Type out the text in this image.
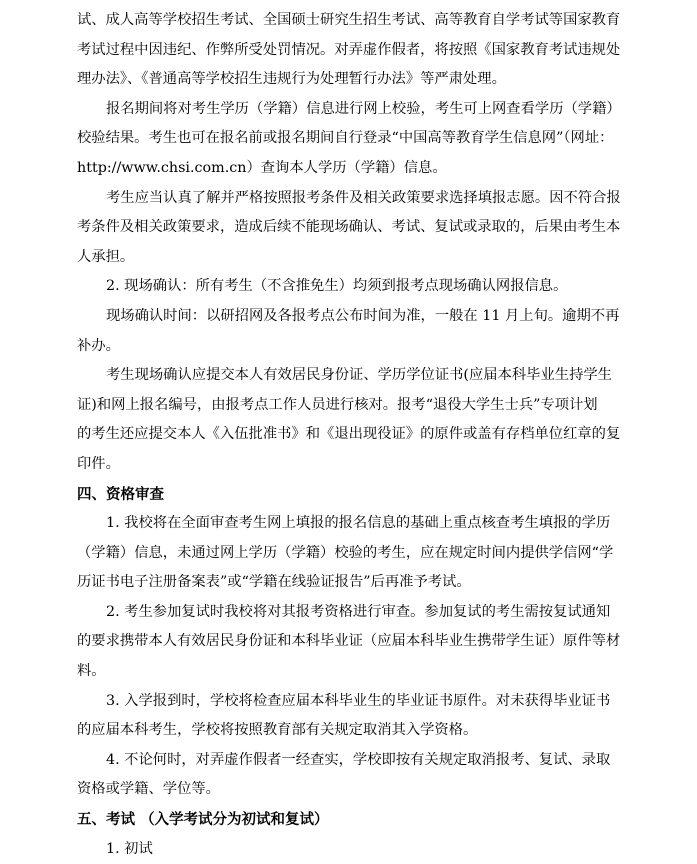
试、成人高等学校招生考试、全国硕士研究生招生考试、高等教育自学考试等国家教育
考试过程中因违纪、作弊所受处罚情况。对弄虚作假者，将按照《国家教育考试违规处
理办法》、《普通高等学校招生违规行为处理暂行办法》等严肃处理。

报名期间将对考生学历（学籍）信息进行网上校验，考生可上网查看学历（学籍）
校验结果。考生也可在报名前或报名期间自行登录“中国高等教育学生信息网”（网址：
http://www.chsi.com.cn）查询本人学历（学籍）信息。

考生应当认真了解并严格按照报考条件及相关政策要求选择填报志愿。因不符合报
考条件及相关政策要求，造成后续不能现场确认、考试、复试或录取的，后果由考生本
人承担。

2. 现场确认：所有考生（不含推免生）均须到报考点现场确认网报信息。

现场确认时间：以研招网及各报考点公布时间为准，一般在 11 月上旬。逾期不再
补办。

考生现场确认应提交本人有效居民身份证、学历学位证书(应届本科毕业生持学生
证)和网上报名编号，由报考点工作人员进行核对。报考“退役大学生士兵”专项计划
的考生还应提交本人《入伍批准书》和《退出现役证》的原件或盖有存档单位红章的复
印件。

四、资格审查

1. 我校将在全面审查考生网上填报的报名信息的基础上重点核查考生填报的学历
（学籍）信息，未通过网上学历（学籍）校验的考生，应在规定时间内提供学信网“学
历证书电子注册备案表”或“学籍在线验证报告”后再准予考试。

2. 考生参加复试时我校将对其报考资格进行审查。参加复试的考生需按复试通知
的要求携带本人有效居民身份证和本科毕业证（应届本科毕业生携带学生证）原件等材
料。

3. 入学报到时，学校将检查应届本科毕业生的毕业证书原件。对未获得毕业证书
的应届本科考生，学校将按照教育部有关规定取消其入学资格。

4. 不论何时，对弄虚作假者一经查实，学校即按有关规定取消报考、复试、录取
资格或学籍、学位等。

五、考试 （入学考试分为初试和复试）

1. 初试
